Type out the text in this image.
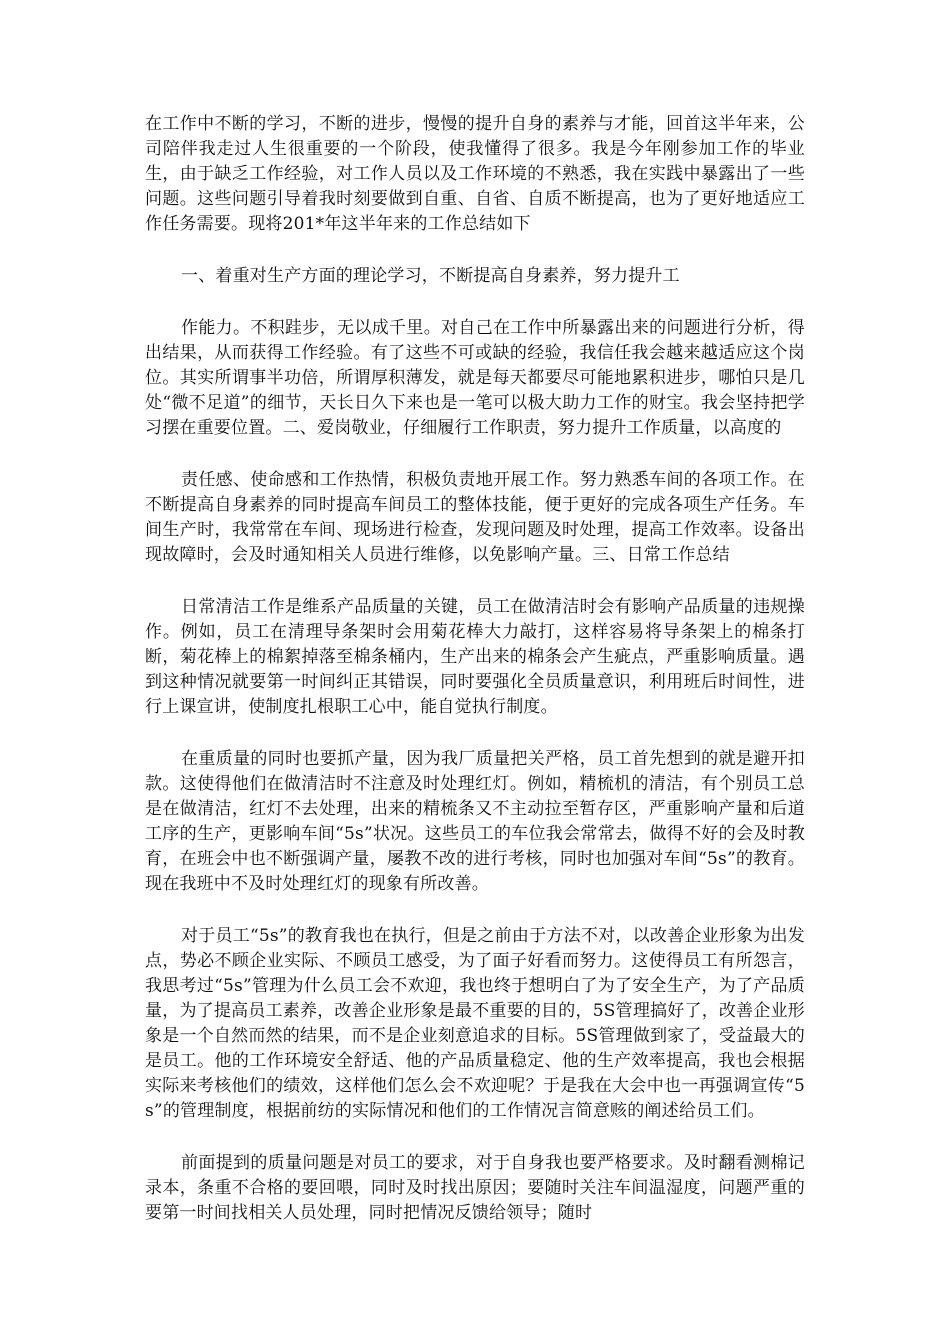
在工作中不断的学习，不断的进步，慢慢的提升自身的素养与才能，回首这半年来，公司陪伴我走过人生很重要的一个阶段，使我懂得了很多。我是今年刚参加工作的毕业生，由于缺乏工作经验，对工作人员以及工作环境的不熟悉，我在实践中暴露出了一些问题。这些问题引导着我时刻要做到自重、自省、自质不断提高，也为了更好地适应工作任务需要。现将201*年这半年来的工作总结如下

一、着重对生产方面的理论学习，不断提高自身素养，努力提升工

作能力。不积跬步，无以成千里。对自己在工作中所暴露出来的问题进行分析，得出结果，从而获得工作经验。有了这些不可或缺的经验，我信任我会越来越适应这个岗位。其实所谓事半功倍，所谓厚积薄发，就是每天都要尽可能地累积进步，哪怕只是几处“微不足道”的细节，天长日久下来也是一笔可以极大助力工作的财宝。我会坚持把学习摆在重要位置。二、爱岗敬业，仔细履行工作职责，努力提升工作质量，以高度的

责任感、使命感和工作热情，积极负责地开展工作。努力熟悉车间的各项工作。在不断提高自身素养的同时提高车间员工的整体技能，便于更好的完成各项生产任务。车间生产时，我常常在车间、现场进行检查，发现问题及时处理，提高工作效率。设备出现故障时，会及时通知相关人员进行维修，以免影响产量。三、日常工作总结

日常清洁工作是维系产品质量的关键，员工在做清洁时会有影响产品质量的违规操作。例如，员工在清理导条架时会用菊花棒大力敲打，这样容易将导条架上的棉条打断，菊花棒上的棉絮掉落至棉条桶内，生产出来的棉条会产生疵点，严重影响质量。遇到这种情况就要第一时间纠正其错误，同时要强化全员质量意识，利用班后时间性，进行上课宣讲，使制度扎根职工心中，能自觉执行制度。

在重质量的同时也要抓产量，因为我厂质量把关严格，员工首先想到的就是避开扣款。这使得他们在做清洁时不注意及时处理红灯。例如，精梳机的清洁，有个别员工总是在做清洁，红灯不去处理，出来的精梳条又不主动拉至暂存区，严重影响产量和后道工序的生产，更影响车间“5s”状况。这些员工的车位我会常常去，做得不好的会及时教育，在班会中也不断强调产量，屡教不改的进行考核，同时也加强对车间“5s”的教育。现在我班中不及时处理红灯的现象有所改善。

对于员工“5s”的教育我也在执行，但是之前由于方法不对，以改善企业形象为出发点，势必不顾企业实际、不顾员工感受，为了面子好看而努力。这使得员工有所怨言，我思考过“5s”管理为什么员工会不欢迎，我也终于想明白了为了安全生产，为了产品质量，为了提高员工素养，改善企业形象是最不重要的目的，5S管理搞好了，改善企业形象是一个自然而然的结果，而不是企业刻意追求的目标。5S管理做到家了，受益最大的是员工。他的工作环境安全舒适、他的产品质量稳定、他的生产效率提高，我也会根据实际来考核他们的绩效，这样他们怎么会不欢迎呢？于是我在大会中也一再强调宣传“5s”的管理制度，根据前纺的实际情况和他们的工作情况言简意赅的阐述给员工们。

前面提到的质量问题是对员工的要求，对于自身我也要严格要求。及时翻看测棉记录本，条重不合格的要回喂，同时及时找出原因；要随时关注车间温湿度，问题严重的要第一时间找相关人员处理，同时把情况反馈给领导；随时
